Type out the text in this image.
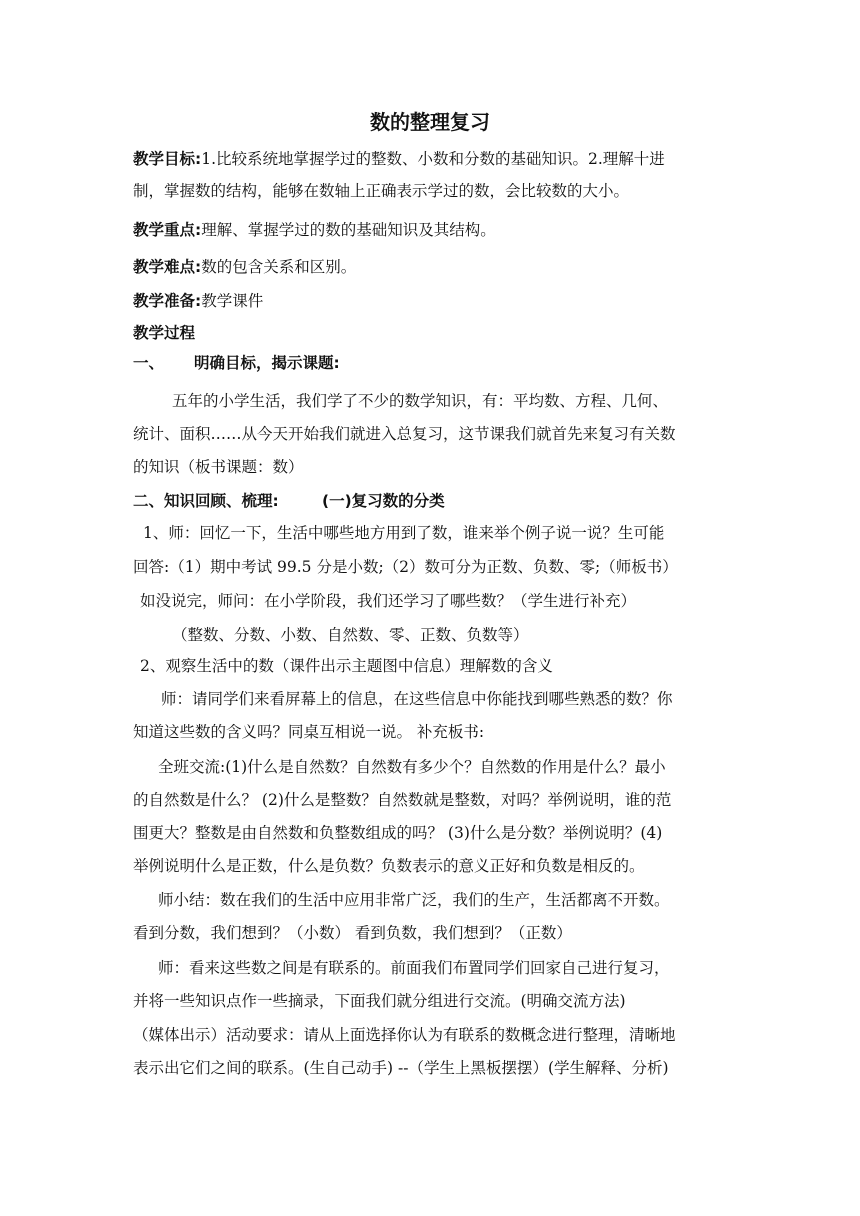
数的整理复习
教学目标:1.比较系统地掌握学过的整数、小数和分数的基础知识。2.理解十进
制，掌握数的结构，能够在数轴上正确表示学过的数，会比较数的大小。
教学重点:理解、掌握学过的数的基础知识及其结构。
教学难点:数的包含关系和区别。
教学准备:教学课件
教学过程
一、 明确目标，揭示课题:
五年的小学生活，我们学了不少的数学知识，有：平均数、方程、几何、
统计、面积……从今天开始我们就进入总复习，这节课我们就首先来复习有关数
的知识（板书课题：数）
二、知识回顾、梳理:	(一)复习数的分类
1、师：回忆一下，生活中哪些地方用到了数，谁来举个例子说一说？生可能
回答:（1）期中考试 99.5 分是小数;（2）数可分为正数、负数、零;（师板书）
如没说完，师问：在小学阶段，我们还学习了哪些数？（学生进行补充）
（整数、分数、小数、自然数、零、正数、负数等）
2、观察生活中的数（课件出示主题图中信息）理解数的含义
师：请同学们来看屏幕上的信息，在这些信息中你能找到哪些熟悉的数？你
知道这些数的含义吗？同桌互相说一说。 补充板书:
全班交流:(1)什么是自然数？自然数有多少个？自然数的作用是什么？最小
的自然数是什么？ (2)什么是整数？自然数就是整数，对吗？举例说明，谁的范
围更大？整数是由自然数和负整数组成的吗？ (3)什么是分数？举例说明？(4)
举例说明什么是正数，什么是负数？负数表示的意义正好和负数是相反的。
师小结：数在我们的生活中应用非常广泛，我们的生产，生活都离不开数。
看到分数，我们想到？（小数） 看到负数，我们想到？（正数）
师：看来这些数之间是有联系的。前面我们布置同学们回家自己进行复习，
并将一些知识点作一些摘录，下面我们就分组进行交流。(明确交流方法)
（媒体出示）活动要求：请从上面选择你认为有联系的数概念进行整理，清晰地
表示出它们之间的联系。(生自己动手) --（学生上黑板摆摆）(学生解释、分析)
